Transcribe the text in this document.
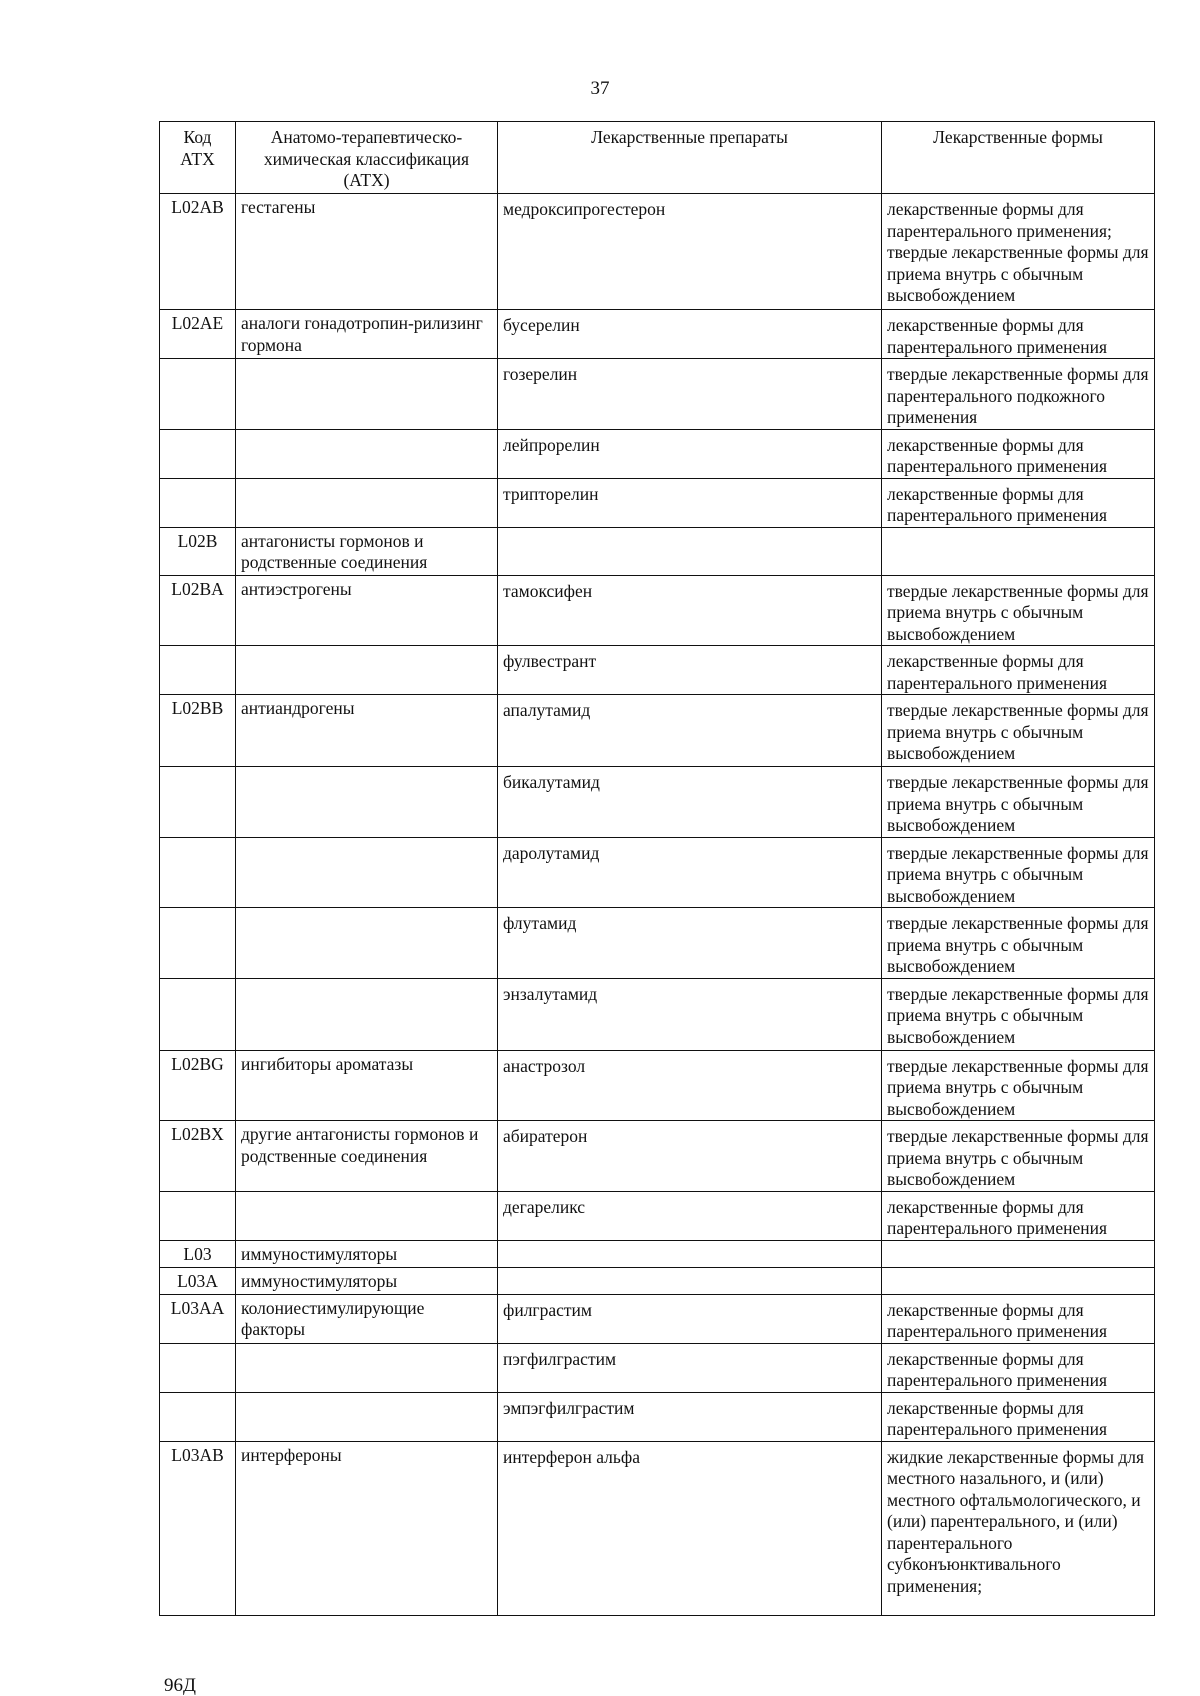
37
Код АТХ	Анатомо-терапевтическо-химическая классификация (АТХ)	Лекарственные препараты	Лекарственные формы
L02AB	гестагены	медроксипрогестерон	лекарственные формы для парентерального применения; твердые лекарственные формы для приема внутрь с обычным высвобождением
L02AE	аналоги гонадотропин-рилизинг гормона	бусерелин	лекарственные формы для парентерального применения
		гозерелин	твердые лекарственные формы для парентерального подкожного применения
		лейпрорелин	лекарственные формы для парентерального применения
		трипторелин	лекарственные формы для парентерального применения
L02B	антагонисты гормонов и родственные соединения		
L02BA	антиэстрогены	тамоксифен	твердые лекарственные формы для приема внутрь с обычным высвобождением
		фулвестрант	лекарственные формы для парентерального применения
L02BB	антиандрогены	апалутамид	твердые лекарственные формы для приема внутрь с обычным высвобождением
		бикалутамид	твердые лекарственные формы для приема внутрь с обычным высвобождением
		даролутамид	твердые лекарственные формы для приема внутрь с обычным высвобождением
		флутамид	твердые лекарственные формы для приема внутрь с обычным высвобождением
		энзалутамид	твердые лекарственные формы для приема внутрь с обычным высвобождением
L02BG	ингибиторы ароматазы	анастрозол	твердые лекарственные формы для приема внутрь с обычным высвобождением
L02BX	другие антагонисты гормонов и родственные соединения	абиратерон	твердые лекарственные формы для приема внутрь с обычным высвобождением
		дегареликс	лекарственные формы для парентерального применения
L03	иммуностимуляторы		
L03A	иммуностимуляторы		
L03AA	колониестимулирующие факторы	филграстим	лекарственные формы для парентерального применения
		пэгфилграстим	лекарственные формы для парентерального применения
		эмпэгфилграстим	лекарственные формы для парентерального применения
L03AB	интерфероны	интерферон альфа	жидкие лекарственные формы для местного назального, и (или) местного офтальмологического, и (или) парентерального, и (или) парентерального субконъюнктивального применения;
96Д
